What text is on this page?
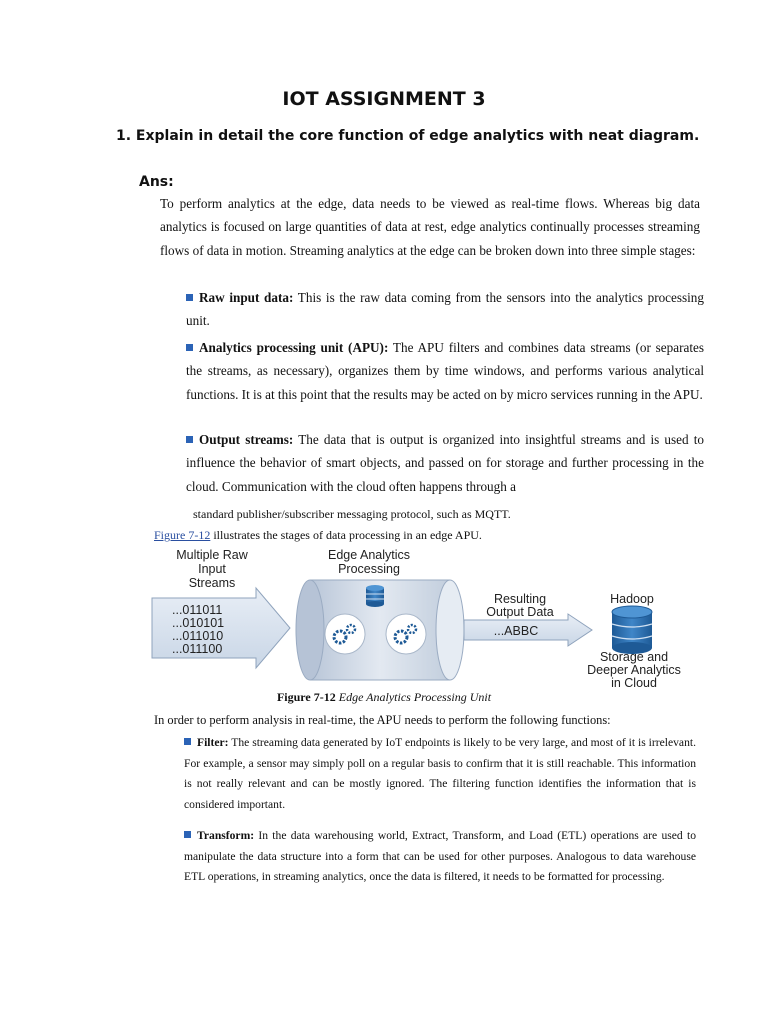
IOT ASSIGNMENT 3
1. Explain in detail the core function of edge analytics with neat diagram.
Ans:
To perform analytics at the edge, data needs to be viewed as real-time flows. Whereas big data analytics is focused on large quantities of data at rest, edge analytics continually processes streaming flows of data in motion. Streaming analytics at the edge can be broken down into three simple stages:
Raw input data: This is the raw data coming from the sensors into the analytics processing unit.
Analytics processing unit (APU): The APU filters and combines data streams (or separates the streams, as necessary), organizes them by time windows, and performs various analytical functions. It is at this point that the results may be acted on by micro services running in the APU.
Output streams: The data that is output is organized into insightful streams and is used to influence the behavior of smart objects, and passed on for storage and further processing in the cloud. Communication with the cloud often happens through a
standard publisher/subscriber messaging protocol, such as MQTT.
Figure 7-12 illustrates the stages of data processing in an edge APU.
Multiple Raw
Input
Streams
...011011
...010101
...011010
...011100
Edge Analytics
Processing
Resulting
Output Data
...ABBC
Hadoop
Storage and
Deeper Analytics
in Cloud
Figure 7-12 Edge Analytics Processing Unit
In order to perform analysis in real-time, the APU needs to perform the following functions:
Filter: The streaming data generated by IoT endpoints is likely to be very large, and most of it is irrelevant. For example, a sensor may simply poll on a regular basis to confirm that it is still reachable. This information is not really relevant and can be mostly ignored. The filtering function identifies the information that is considered important.
Transform: In the data warehousing world, Extract, Transform, and Load (ETL) operations are used to manipulate the data structure into a form that can be used for other purposes. Analogous to data warehouse ETL operations, in streaming analytics, once the data is filtered, it needs to be formatted for processing.
